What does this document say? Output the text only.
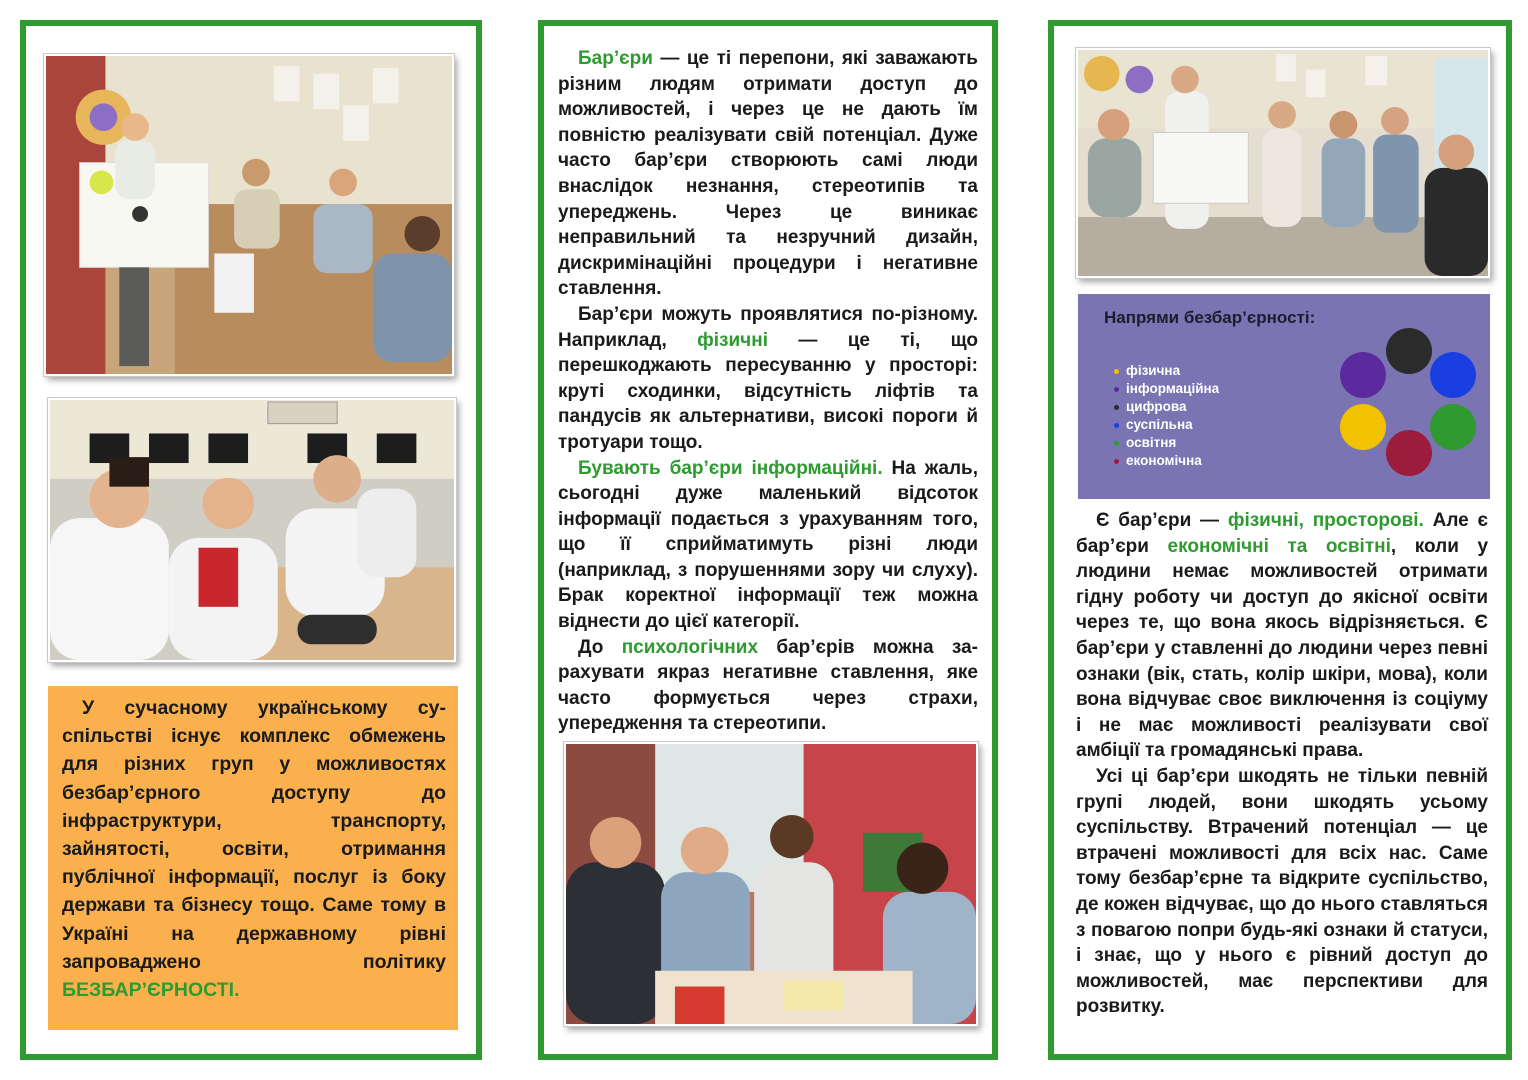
У сучасному українському суспільстві існує комплекс обмежень для різних груп у можливостях безбар’єрного доступу до інфраструктури, транспорту, зайнятості, освіти, отримання публічної інформації, послуг із боку держави та бізнесу тощо. Саме тому в Україні на державному рівні запроваджено політику БЕЗБАР’ЄРНОСТІ.

Бар’єри — це ті перепони, які заважають різним людям отримати доступ до можливостей, і через це не дають їм повністю реалізувати свій потенціал. Дуже часто бар’єри створюють самі люди внаслідок незнання, стереотипів та упереджень. Через це виникає неправильний та незручний дизайн, дискримінаційні процедури і негативне ставлення.

Бар’єри можуть проявлятися по-різному. Наприклад, фізичні — це ті, що перешкоджають пересуванню у просторі: круті сходинки, відсутність ліфтів та пандусів як альтернативи, високі пороги й тротуари тощо.

Бувають бар’єри інформаційні. На жаль, сьогодні дуже маленький відсоток інформації подається з урахуванням того, що її сприйматимуть різні люди (наприклад, з порушеннями зору чи слуху). Брак коректної інформації теж можна віднести до цієї категорії.

До психологічних бар’єрів можна зарахувати якраз негативне ставлення, яке часто формується через страхи, упередження та стереотипи.

Напрями безбар’єрності:
фізична
інформаційна
цифрова
суспільна
освітня
економічна

Є бар’єри — фізичні, просторові. Але є бар’єри економічні та освітні, коли у людини немає можливостей отримати гідну роботу чи доступ до якісної освіти через те, що вона якось відрізняється. Є бар’єри у ставленні до людини через певні ознаки (вік, стать, колір шкіри, мова), коли вона відчуває своє виключення із соціуму і не має можливості реалізувати свої амбіції та громадянські права.

Усі ці бар’єри шкодять не тільки певній групі людей, вони шкодять усьому суспільству. Втрачений потенціал — це втрачені можливості для всіх нас. Саме тому безбар’єрне та відкрите суспільство, де кожен відчуває, що до нього ставляться з повагою попри будь-які ознаки й статуси, і знає, що у нього є рівний доступ до можливостей, має перспективи для розвитку.
